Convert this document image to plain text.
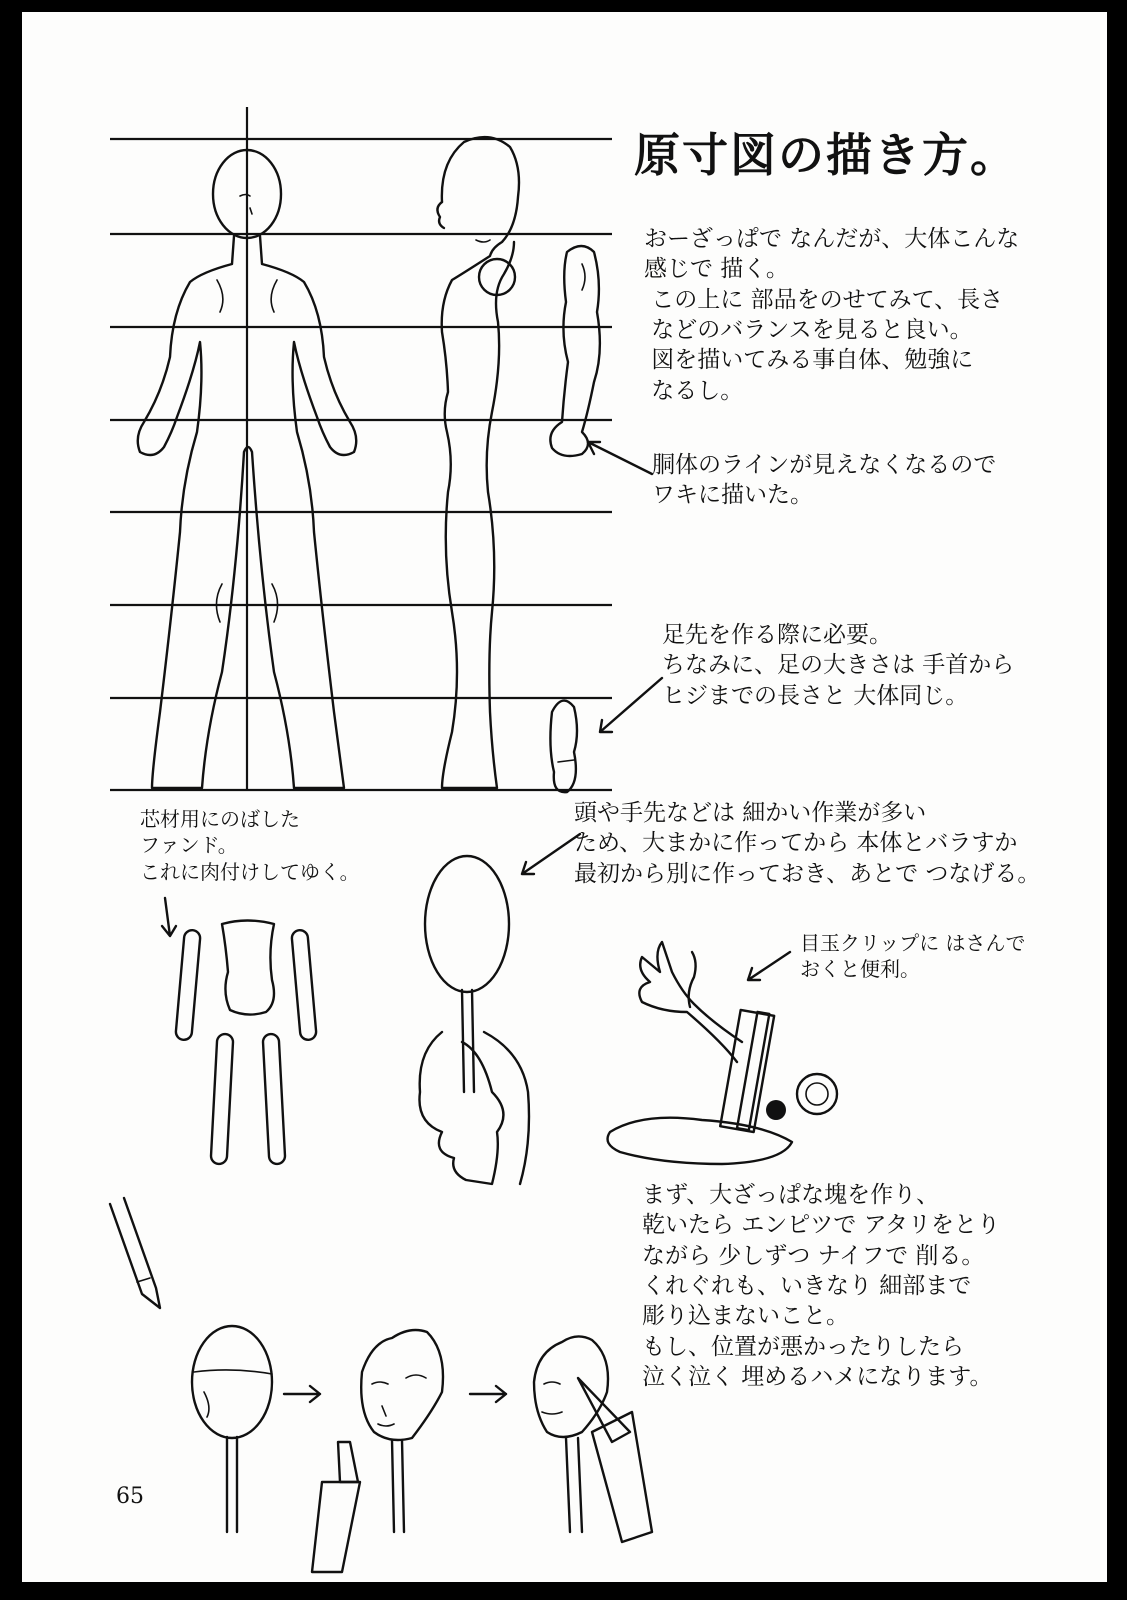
原寸図の描き方。
おーざっぱで なんだが、大体こんな
感じで 描く。
この上に 部品をのせてみて、長さ
などのバランスを見ると良い。
図を描いてみる事自体、勉強に
なるし。
胴体のラインが見えなくなるので
ワキに描いた。
足先を作る際に必要。
ちなみに、足の大きさは 手首から
ヒジまでの長さと 大体同じ。
芯材用にのばした
ファンド。
これに肉付けしてゆく。
頭や手先などは 細かい作業が多い
ため、大まかに作ってから 本体とバラすか
最初から別に作っておき、あとで つなげる。
目玉クリップに はさんで
おくと便利。
まず、大ざっぱな塊を作り、
乾いたら エンピツで アタリをとり
ながら 少しずつ ナイフで 削る。
くれぐれも、いきなり 細部まで
彫り込まないこと。
もし、位置が悪かったりしたら
泣く泣く 埋めるハメになります。
65
